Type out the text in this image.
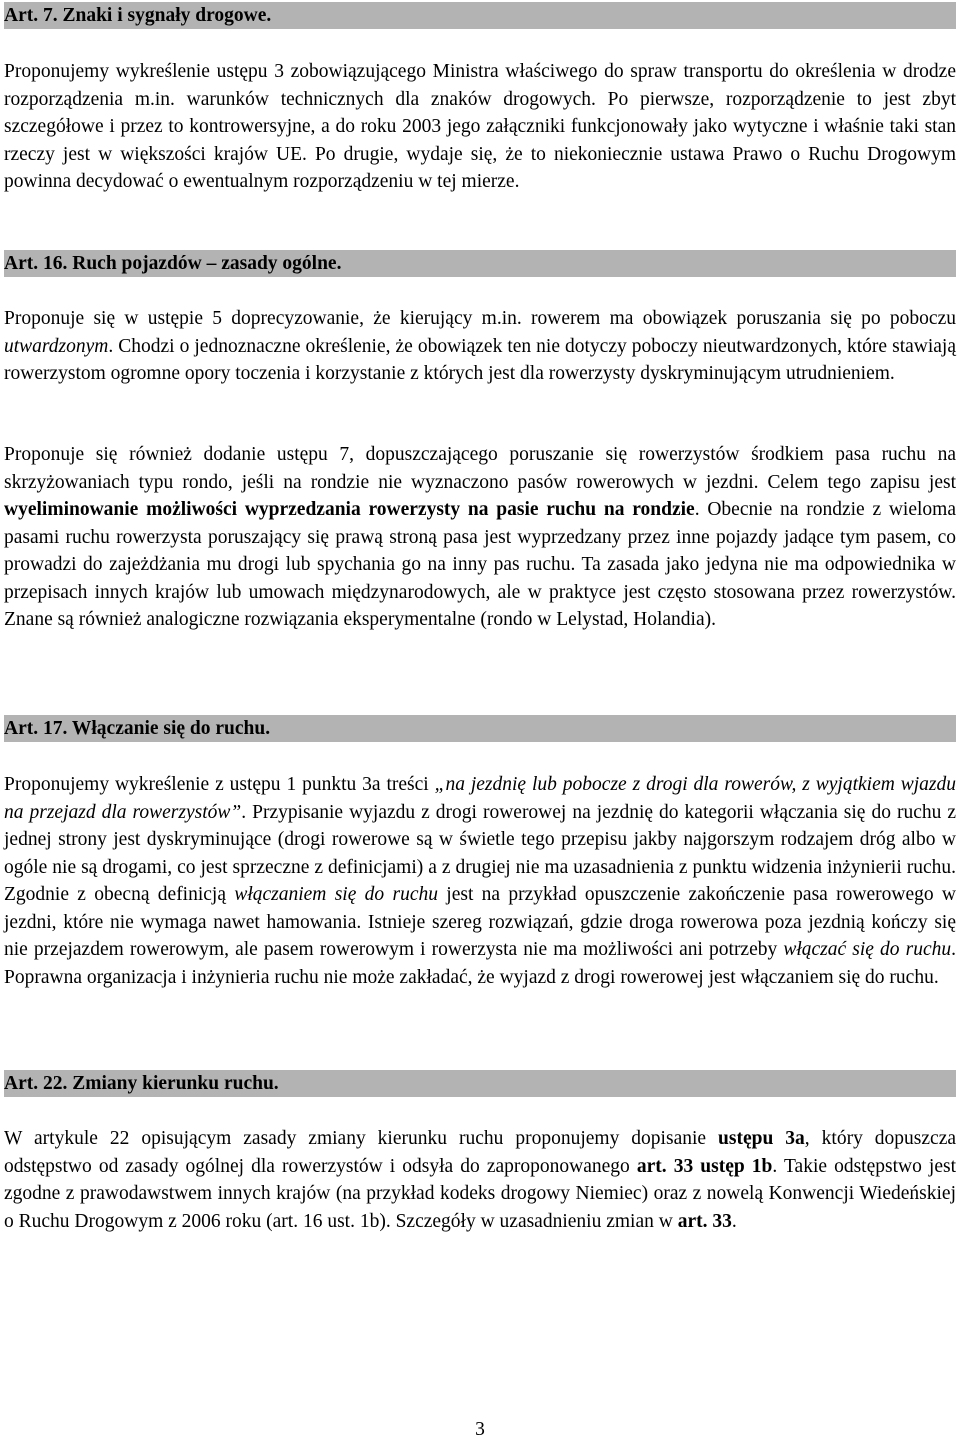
Art. 7. Znaki i sygnały drogowe.
Proponujemy wykreślenie ustępu 3 zobowiązującego Ministra właściwego do spraw transportu do określenia w drodze rozporządzenia m.in. warunków technicznych dla znaków drogowych. Po pierwsze, rozporządzenie to jest zbyt szczegółowe i przez to kontrowersyjne, a do roku 2003 jego załączniki funkcjonowały jako wytyczne i właśnie taki stan rzeczy jest w większości krajów UE. Po drugie, wydaje się, że to niekoniecznie ustawa Prawo o Ruchu Drogowym powinna decydować o ewentualnym rozporządzeniu w tej mierze.
Art. 16. Ruch pojazdów – zasady ogólne.
Proponuje się w ustępie 5 doprecyzowanie, że kierujący m.in. rowerem ma obowiązek poruszania się po poboczu utwardzonym. Chodzi o jednoznaczne określenie, że obowiązek ten nie dotyczy poboczy nieutwardzonych, które stawiają rowerzystom ogromne opory toczenia i korzystanie z których jest dla rowerzysty dyskryminującym utrudnieniem.
Proponuje się również dodanie ustępu 7, dopuszczającego poruszanie się rowerzystów środkiem pasa ruchu na skrzyżowaniach typu rondo, jeśli na rondzie nie wyznaczono pasów rowerowych w jezdni. Celem tego zapisu jest wyeliminowanie możliwości wyprzedzania rowerzysty na pasie ruchu na rondzie. Obecnie na rondzie z wieloma pasami ruchu rowerzysta poruszający się prawą stroną pasa jest wyprzedzany przez inne pojazdy jadące tym pasem, co prowadzi do zajeżdżania mu drogi lub spychania go na inny pas ruchu. Ta zasada jako jedyna nie ma odpowiednika w przepisach innych krajów lub umowach międzynarodowych, ale w praktyce jest często stosowana przez rowerzystów. Znane są również analogiczne rozwiązania eksperymentalne (rondo w Lelystad, Holandia).
Art. 17. Włączanie się do ruchu.
Proponujemy wykreślenie z ustępu 1 punktu 3a treści „na jezdnię lub pobocze z drogi dla rowerów, z wyjątkiem wjazdu na przejazd dla rowerzystów”. Przypisanie wyjazdu z drogi rowerowej na jezdnię do kategorii włączania się do ruchu z jednej strony jest dyskryminujące (drogi rowerowe są w świetle tego przepisu jakby najgorszym rodzajem dróg albo w ogóle nie są drogami, co jest sprzeczne z definicjami) a z drugiej nie ma uzasadnienia z punktu widzenia inżynierii ruchu. Zgodnie z obecną definicją włączaniem się do ruchu jest na przykład opuszczenie zakończenie pasa rowerowego w jezdni, które nie wymaga nawet hamowania. Istnieje szereg rozwiązań, gdzie droga rowerowa poza jezdnią kończy się nie przejazdem rowerowym, ale pasem rowerowym i rowerzysta nie ma możliwości ani potrzeby włączać się do ruchu. Poprawna organizacja i inżynieria ruchu nie może zakładać, że wyjazd z drogi rowerowej jest włączaniem się do ruchu.
Art. 22. Zmiany kierunku ruchu.
W artykule 22 opisującym zasady zmiany kierunku ruchu proponujemy dopisanie ustępu 3a, który dopuszcza odstępstwo od zasady ogólnej dla rowerzystów i odsyła do zaproponowanego art. 33 ustęp 1b. Takie odstępstwo jest zgodne z prawodawstwem innych krajów (na przykład kodeks drogowy Niemiec) oraz z nowelą Konwencji Wiedeńskiej o Ruchu Drogowym z 2006 roku (art. 16 ust. 1b). Szczegóły w uzasadnieniu zmian w art. 33.
3
